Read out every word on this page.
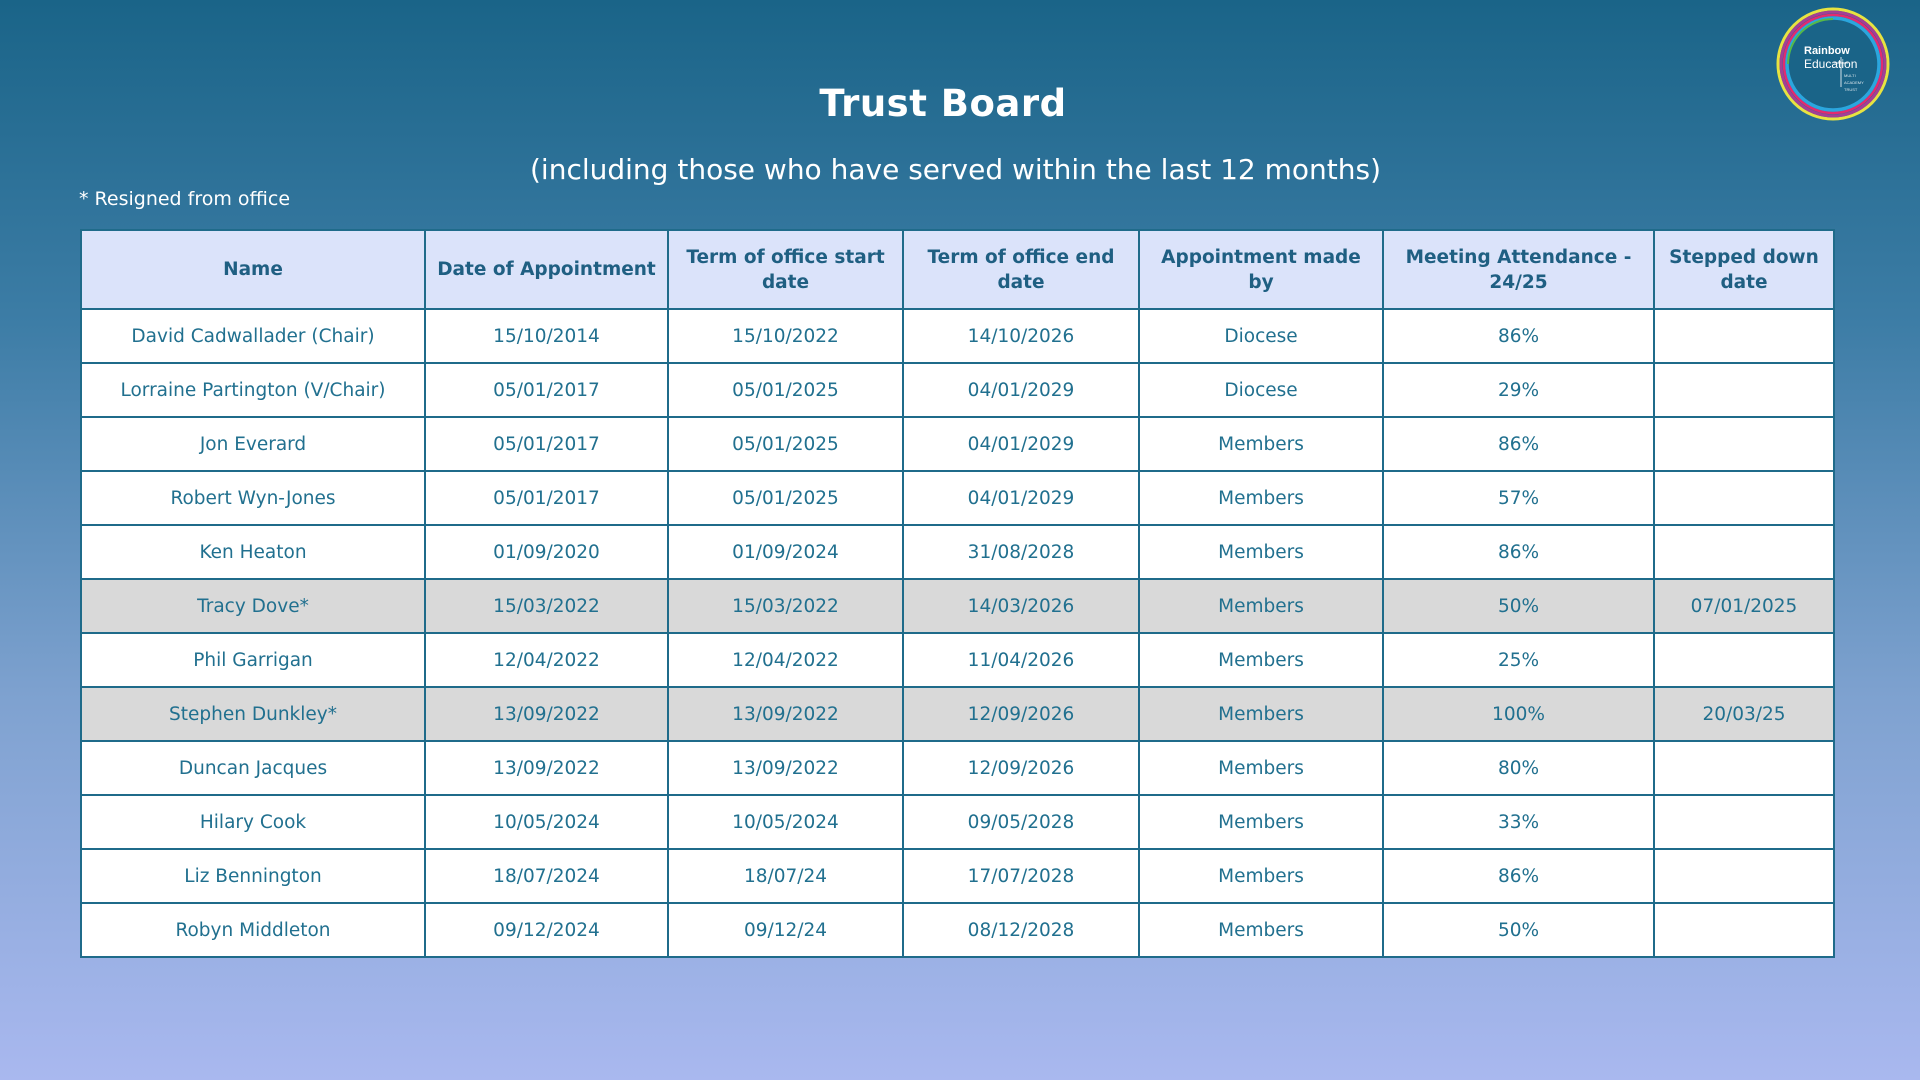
Trust Board
(including those who have served within the last 12 months)
* Resigned from office
Rainbow
Education
MULTI
ACADEMY
TRUST
Name	Date of Appointment	Term of office start date	Term of office end date	Appointment made by	Meeting Attendance - 24/25	Stepped down date
David Cadwallader (Chair)	15/10/2014	15/10/2022	14/10/2026	Diocese	86%	
Lorraine Partington (V/Chair)	05/01/2017	05/01/2025	04/01/2029	Diocese	29%	
Jon Everard	05/01/2017	05/01/2025	04/01/2029	Members	86%	
Robert Wyn-Jones	05/01/2017	05/01/2025	04/01/2029	Members	57%	
Ken Heaton	01/09/2020	01/09/2024	31/08/2028	Members	86%	
Tracy Dove*	15/03/2022	15/03/2022	14/03/2026	Members	50%	07/01/2025
Phil Garrigan	12/04/2022	12/04/2022	11/04/2026	Members	25%	
Stephen Dunkley*	13/09/2022	13/09/2022	12/09/2026	Members	100%	20/03/25
Duncan Jacques	13/09/2022	13/09/2022	12/09/2026	Members	80%	
Hilary Cook	10/05/2024	10/05/2024	09/05/2028	Members	33%	
Liz Bennington	18/07/2024	18/07/24	17/07/2028	Members	86%	
Robyn Middleton	09/12/2024	09/12/24	08/12/2028	Members	50%	
